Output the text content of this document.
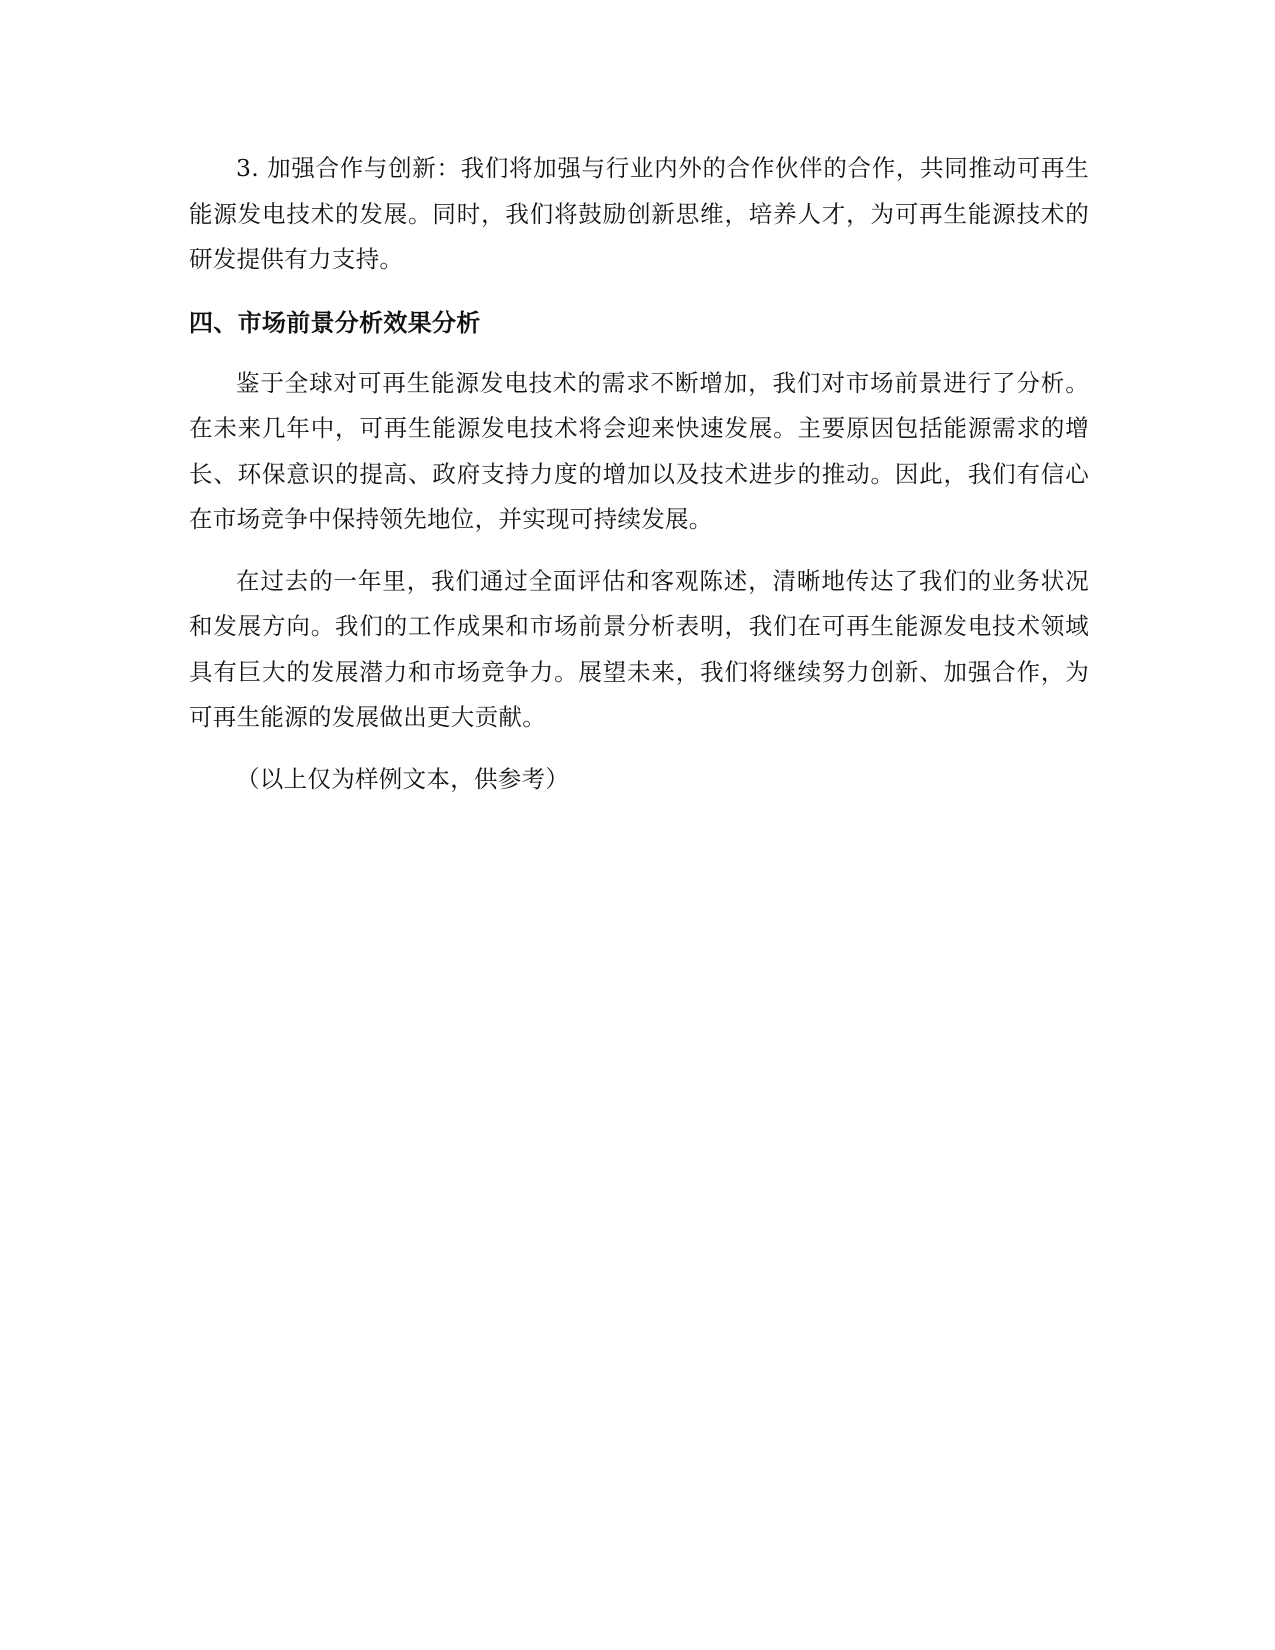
3. 加强合作与创新：我们将加强与行业内外的合作伙伴的合作，共同推动可再生能源发电技术的发展。同时，我们将鼓励创新思维，培养人才，为可再生能源技术的研发提供有力支持。

四、市场前景分析效果分析

鉴于全球对可再生能源发电技术的需求不断增加，我们对市场前景进行了分析。在未来几年中，可再生能源发电技术将会迎来快速发展。主要原因包括能源需求的增长、环保意识的提高、政府支持力度的增加以及技术进步的推动。因此，我们有信心在市场竞争中保持领先地位，并实现可持续发展。

在过去的一年里，我们通过全面评估和客观陈述，清晰地传达了我们的业务状况和发展方向。我们的工作成果和市场前景分析表明，我们在可再生能源发电技术领域具有巨大的发展潜力和市场竞争力。展望未来，我们将继续努力创新、加强合作，为可再生能源的发展做出更大贡献。

（以上仅为样例文本，供参考）
